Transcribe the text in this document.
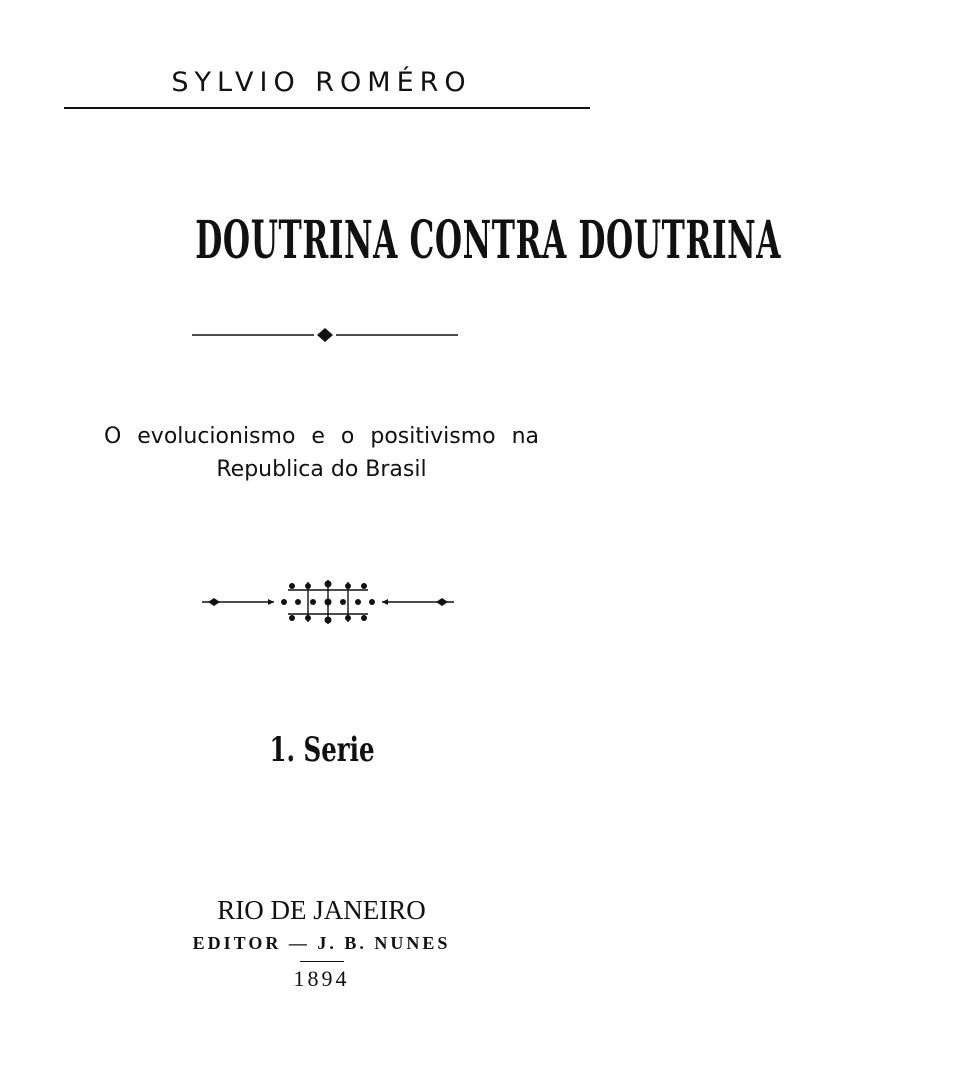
SYLVIO ROMÉRO
DOUTRINA CONTRA DOUTRINA
O evolucionismo e o positivismo na
Republica do Brasil
1. Serie
RIO DE JANEIRO
EDITOR — J. B. NUNES
1894
